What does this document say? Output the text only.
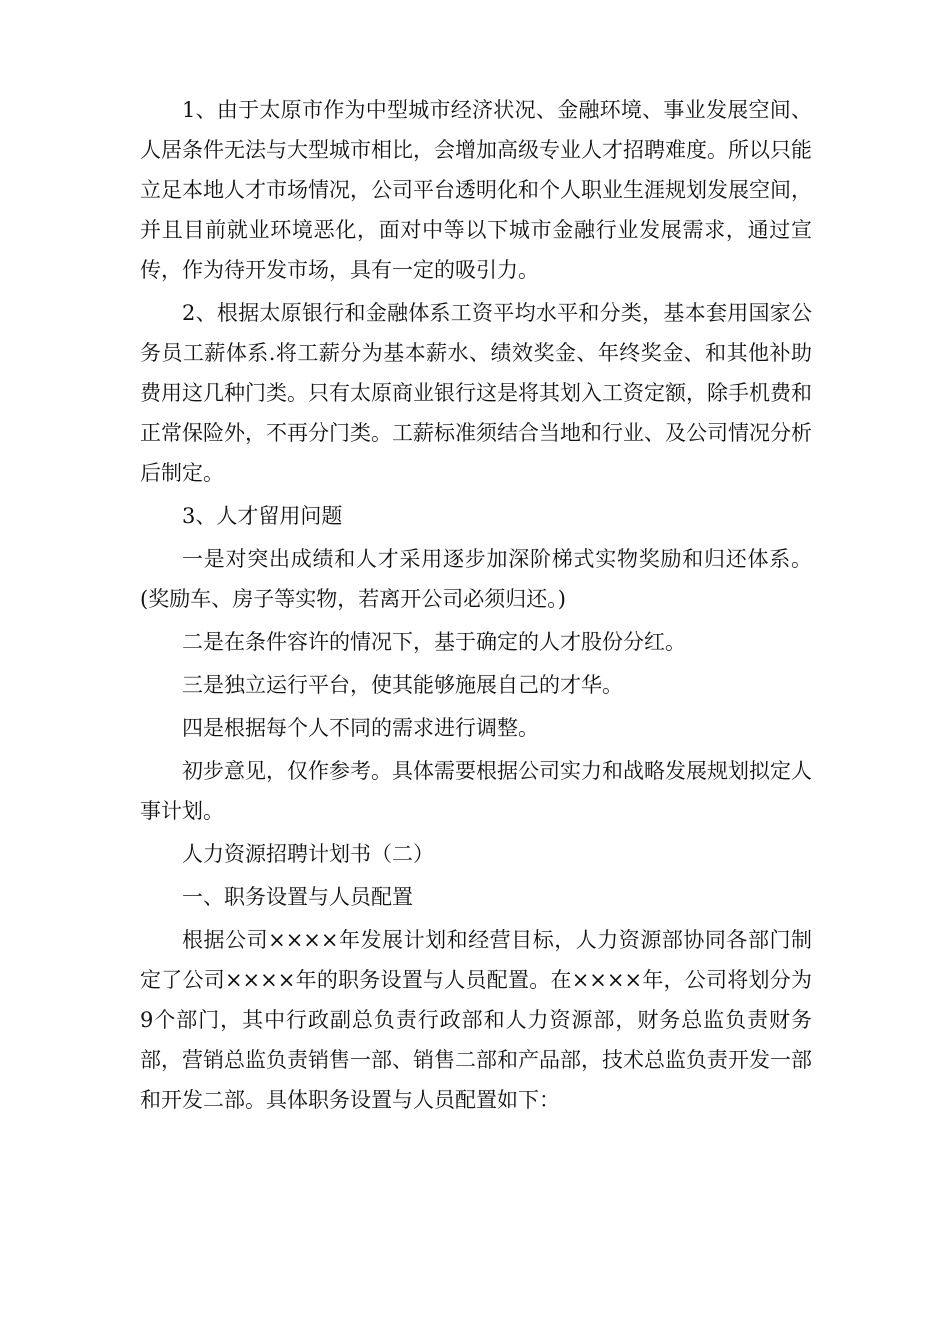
1、由于太原市作为中型城市经济状况、金融环境、事业发展空间、人居条件无法与大型城市相比，会增加高级专业人才招聘难度。所以只能立足本地人才市场情况，公司平台透明化和个人职业生涯规划发展空间，并且目前就业环境恶化，面对中等以下城市金融行业发展需求，通过宣传，作为待开发市场，具有一定的吸引力。

2、根据太原银行和金融体系工资平均水平和分类，基本套用国家公务员工薪体系.将工薪分为基本薪水、绩效奖金、年终奖金、和其他补助费用这几种门类。只有太原商业银行这是将其划入工资定额，除手机费和正常保险外，不再分门类。工薪标准须结合当地和行业、及公司情况分析后制定。

3、人才留用问题

一是对突出成绩和人才采用逐步加深阶梯式实物奖励和归还体系。(奖励车、房子等实物，若离开公司必须归还。)

二是在条件容许的情况下，基于确定的人才股份分红。

三是独立运行平台，使其能够施展自己的才华。

四是根据每个人不同的需求进行调整。

初步意见，仅作参考。具体需要根据公司实力和战略发展规划拟定人事计划。

人力资源招聘计划书（二）

一、职务设置与人员配置

根据公司××××年发展计划和经营目标，人力资源部协同各部门制定了公司××××年的职务设置与人员配置。在××××年，公司将划分为9个部门，其中行政副总负责行政部和人力资源部，财务总监负责财务部，营销总监负责销售一部、销售二部和产品部，技术总监负责开发一部和开发二部。具体职务设置与人员配置如下：
